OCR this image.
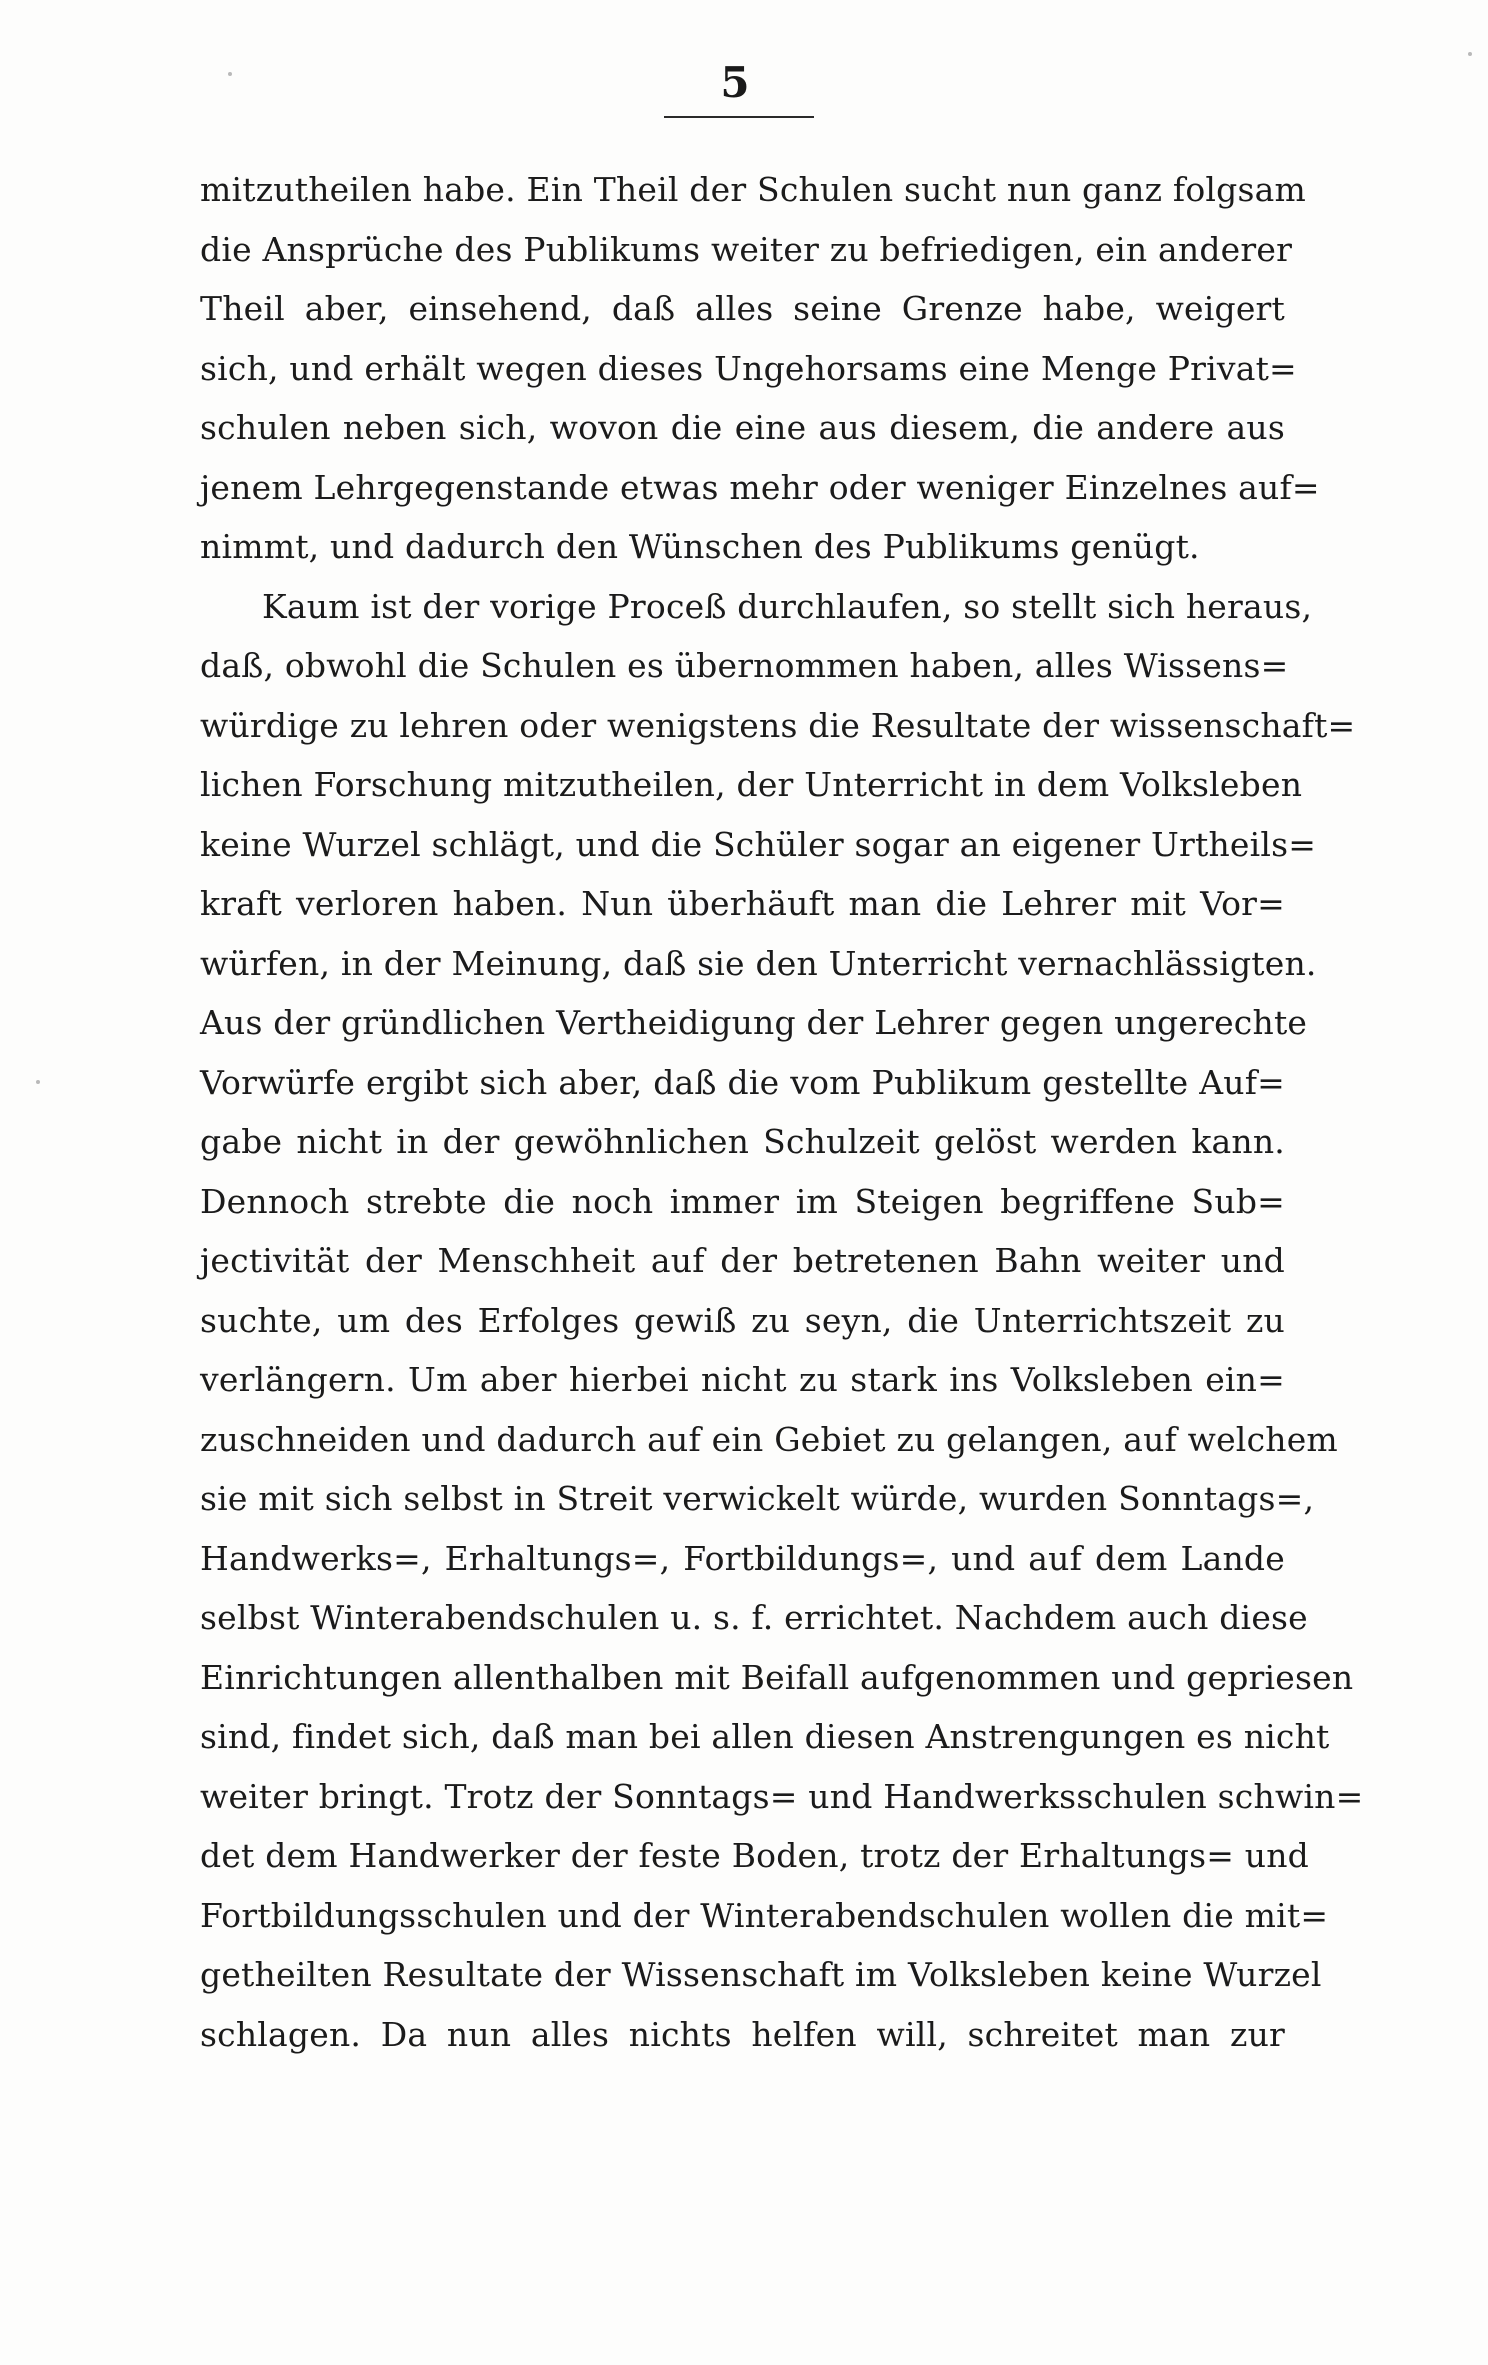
5
mitzutheilen habe. Ein Theil der Schulen sucht nun ganz folgsam
die Ansprüche des Publikums weiter zu befriedigen, ein anderer
Theil aber, einsehend, daß alles seine Grenze habe, weigert
sich, und erhält wegen dieses Ungehorsams eine Menge Privat=
schulen neben sich, wovon die eine aus diesem, die andere aus
jenem Lehrgegenstande etwas mehr oder weniger Einzelnes auf=
nimmt, und dadurch den Wünschen des Publikums genügt.
Kaum ist der vorige Proceß durchlaufen, so stellt sich heraus,
daß, obwohl die Schulen es übernommen haben, alles Wissens=
würdige zu lehren oder wenigstens die Resultate der wissenschaft=
lichen Forschung mitzutheilen, der Unterricht in dem Volksleben
keine Wurzel schlägt, und die Schüler sogar an eigener Urtheils=
kraft verloren haben. Nun überhäuft man die Lehrer mit Vor=
würfen, in der Meinung, daß sie den Unterricht vernachlässigten.
Aus der gründlichen Vertheidigung der Lehrer gegen ungerechte
Vorwürfe ergibt sich aber, daß die vom Publikum gestellte Auf=
gabe nicht in der gewöhnlichen Schulzeit gelöst werden kann.
Dennoch strebte die noch immer im Steigen begriffene Sub=
jectivität der Menschheit auf der betretenen Bahn weiter und
suchte, um des Erfolges gewiß zu seyn, die Unterrichtszeit zu
verlängern. Um aber hierbei nicht zu stark ins Volksleben ein=
zuschneiden und dadurch auf ein Gebiet zu gelangen, auf welchem
sie mit sich selbst in Streit verwickelt würde, wurden Sonntags=,
Handwerks=, Erhaltungs=, Fortbildungs=, und auf dem Lande
selbst Winterabendschulen u. s. f. errichtet. Nachdem auch diese
Einrichtungen allenthalben mit Beifall aufgenommen und gepriesen
sind, findet sich, daß man bei allen diesen Anstrengungen es nicht
weiter bringt. Trotz der Sonntags= und Handwerksschulen schwin=
det dem Handwerker der feste Boden, trotz der Erhaltungs= und
Fortbildungsschulen und der Winterabendschulen wollen die mit=
getheilten Resultate der Wissenschaft im Volksleben keine Wurzel
schlagen. Da nun alles nichts helfen will, schreitet man zur
